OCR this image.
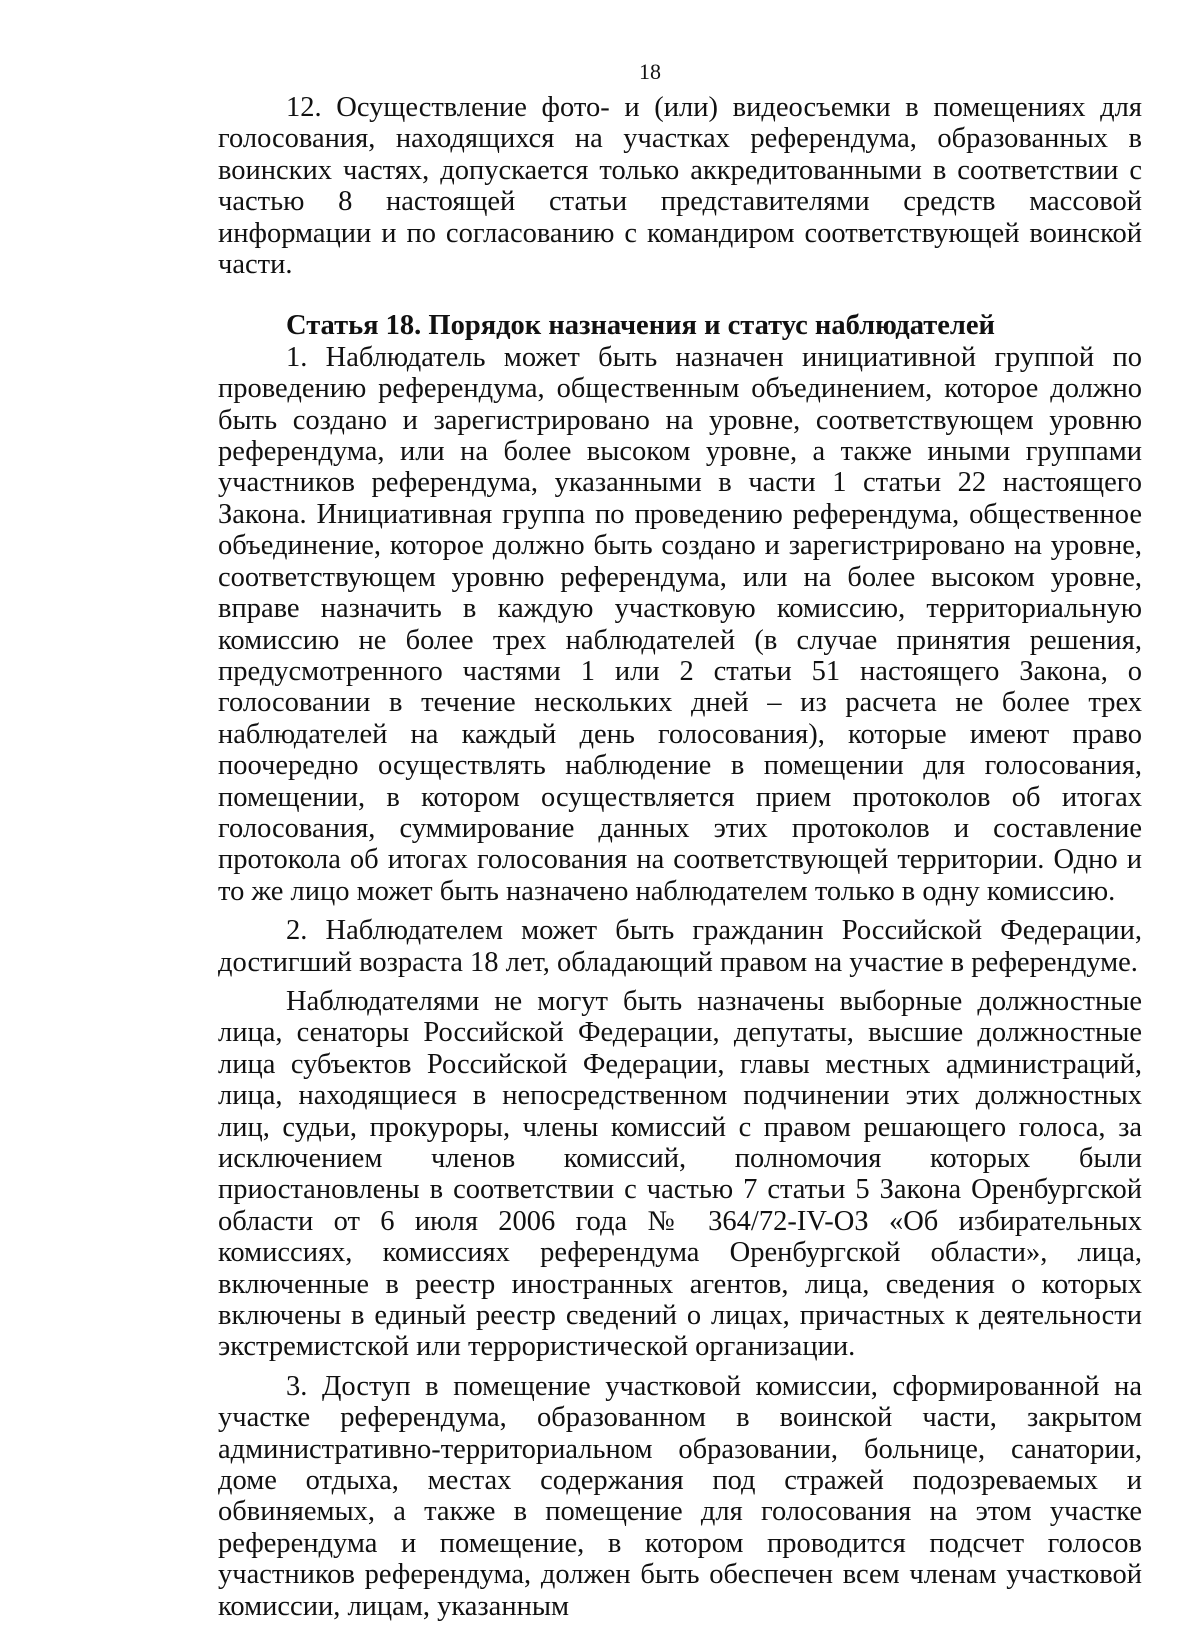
18

12. Осуществление фото- и (или) видеосъемки в помещениях для голосования, находящихся на участках референдума, образованных в воинских частях, допускается только аккредитованными в соответствии с частью 8 настоящей статьи представителями средств массовой информации и по согласованию с командиром соответствующей воинской части.

Статья 18. Порядок назначения и статус наблюдателей

1. Наблюдатель может быть назначен инициативной группой по проведению референдума, общественным объединением, которое должно быть создано и зарегистрировано на уровне, соответствующем уровню референдума, или на более высоком уровне, а также иными группами участников референдума, указанными в части 1 статьи 22 настоящего Закона. Инициативная группа по проведению референдума, общественное объединение, которое должно быть создано и зарегистрировано на уровне, соответствующем уровню референдума, или на более высоком уровне, вправе назначить в каждую участковую комиссию, территориальную комиссию не более трех наблюдателей (в случае принятия решения, предусмотренного частями 1 или 2 статьи 51 настоящего Закона, о голосовании в течение нескольких дней – из расчета не более трех наблюдателей на каждый день голосования), которые имеют право поочередно осуществлять наблюдение в помещении для голосования, помещении, в котором осуществляется прием протоколов об итогах голосования, суммирование данных этих протоколов и составление протокола об итогах голосования на соответствующей территории. Одно и то же лицо может быть назначено наблюдателем только в одну комиссию.

2. Наблюдателем может быть гражданин Российской Федерации, достигший возраста 18 лет, обладающий правом на участие в референдуме.

Наблюдателями не могут быть назначены выборные должностные лица, сенаторы Российской Федерации, депутаты, высшие должностные лица субъектов Российской Федерации, главы местных администраций, лица, находящиеся в непосредственном подчинении этих должностных лиц, судьи, прокуроры, члены комиссий с правом решающего голоса, за исключением членов комиссий, полномочия которых были приостановлены в соответствии с частью 7 статьи 5 Закона Оренбургской области от 6 июля 2006 года № 364/72-IV-ОЗ «Об избирательных комиссиях, комиссиях референдума Оренбургской области», лица, включенные в реестр иностранных агентов, лица, сведения о которых включены в единый реестр сведений о лицах, причастных к деятельности экстремистской или террористической организации.

3. Доступ в помещение участковой комиссии, сформированной на участке референдума, образованном в воинской части, закрытом административно-территориальном образовании, больнице, санатории, доме отдыха, местах содержания под стражей подозреваемых и обвиняемых, а также в помещение для голосования на этом участке референдума и помещение, в котором проводится подсчет голосов участников референдума, должен быть обеспечен всем членам участковой комиссии, лицам, указанным
